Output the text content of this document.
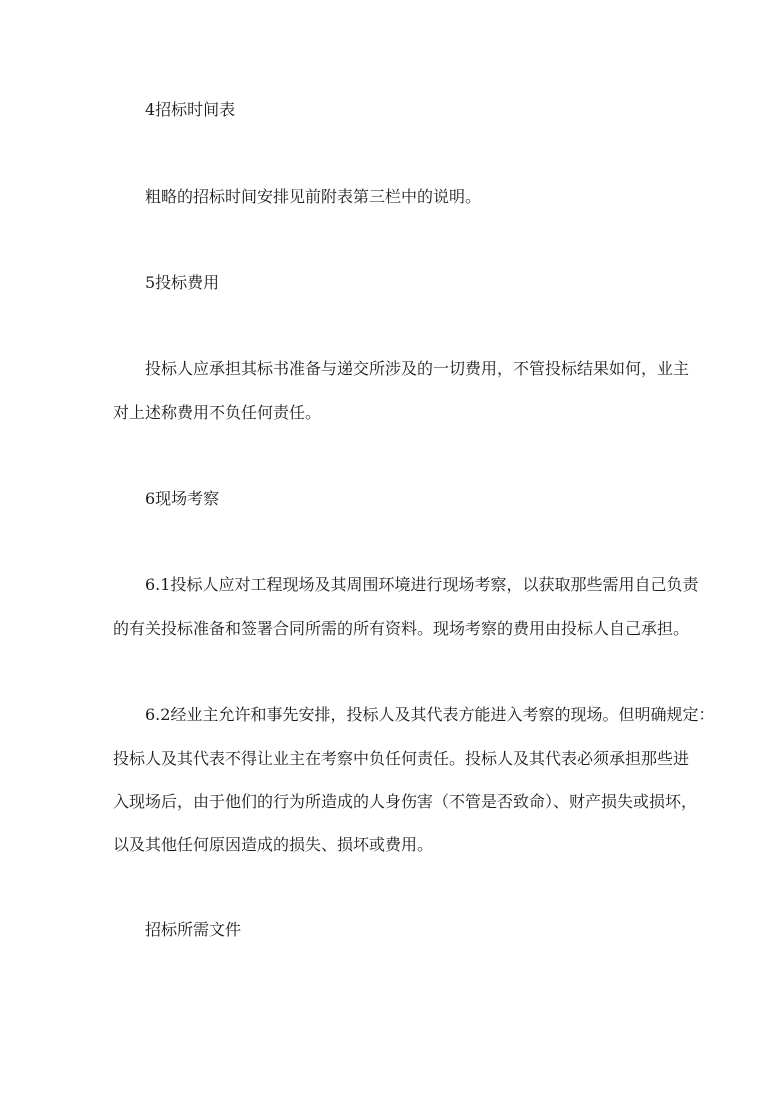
4招标时间表
粗略的招标时间安排见前附表第三栏中的说明。
5投标费用
投标人应承担其标书准备与递交所涉及的一切费用，不管投标结果如何，业主
对上述称费用不负任何责任。
6现场考察
6.1投标人应对工程现场及其周围环境进行现场考察，以获取那些需用自己负责
的有关投标准备和签署合同所需的所有资料。现场考察的费用由投标人自己承担。
6.2经业主允许和事先安排，投标人及其代表方能进入考察的现场。但明确规定：
投标人及其代表不得让业主在考察中负任何责任。投标人及其代表必须承担那些进
入现场后，由于他们的行为所造成的人身伤害（不管是否致命）、财产损失或损坏，
以及其他任何原因造成的损失、损坏或费用。
招标所需文件
